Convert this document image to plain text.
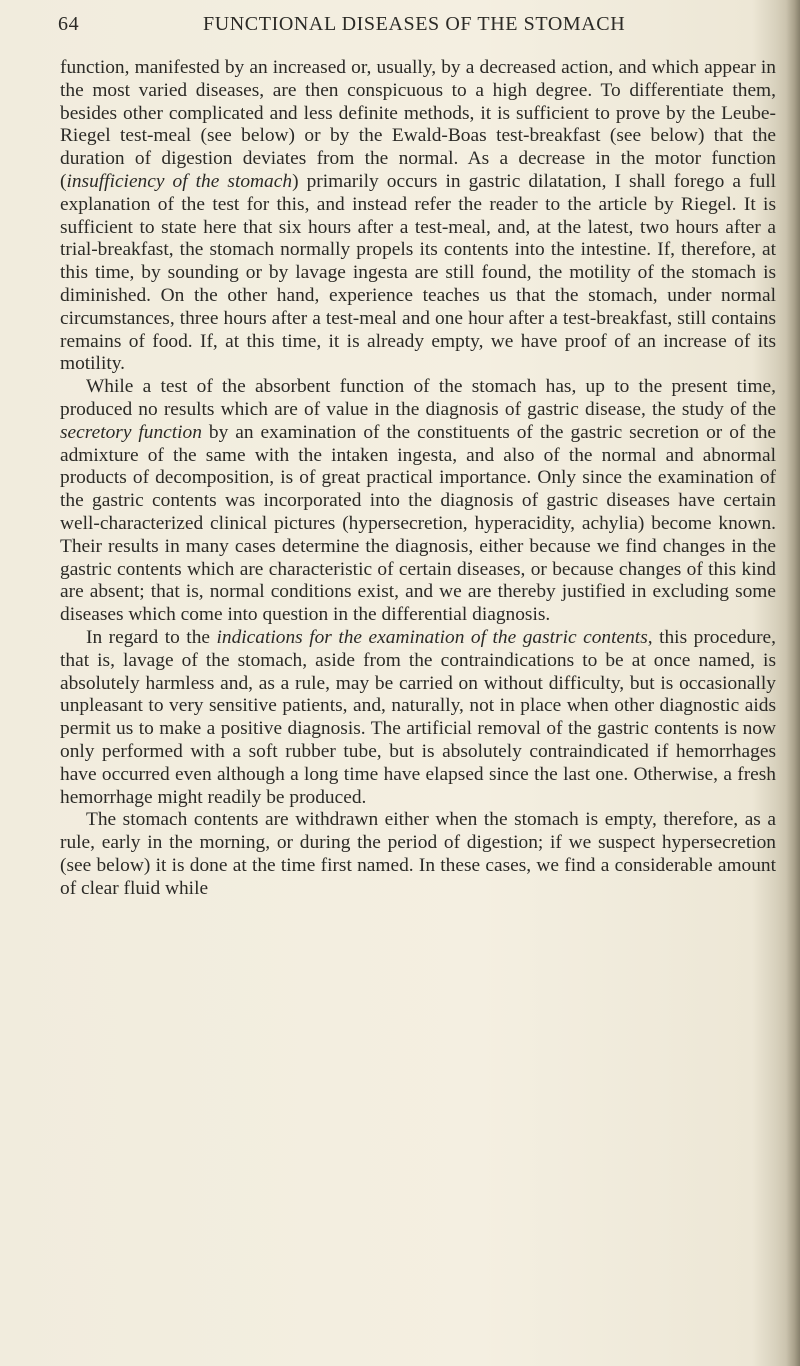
64	FUNCTIONAL DISEASES OF THE STOMACH

function, manifested by an increased or, usually, by a decreased action, and which appear in the most varied diseases, are then conspicuous to a high degree. To differentiate them, besides other complicated and less definite methods, it is sufficient to prove by the Leube-Riegel test-meal (see below) or by the Ewald-Boas test-breakfast (see below) that the duration of digestion deviates from the normal. As a decrease in the motor function (insufficiency of the stomach) primarily occurs in gastric dilatation, I shall forego a full explanation of the test for this, and instead refer the reader to the article by Riegel. It is sufficient to state here that six hours after a test-meal, and, at the latest, two hours after a trial-breakfast, the stomach normally propels its contents into the intestine. If, therefore, at this time, by sounding or by lavage ingesta are still found, the motility of the stomach is diminished. On the other hand, experience teaches us that the stomach, under normal circumstances, three hours after a test-meal and one hour after a test-breakfast, still contains remains of food. If, at this time, it is already empty, we have proof of an increase of its motility.

While a test of the absorbent function of the stomach has, up to the present time, produced no results which are of value in the diagnosis of gastric disease, the study of the secretory function by an examination of the constituents of the gastric secretion or of the admixture of the same with the intaken ingesta, and also of the normal and abnormal products of decomposition, is of great practical importance. Only since the examination of the gastric contents was incorporated into the diagnosis of gastric diseases have certain well-characterized clinical pictures (hypersecretion, hyperacidity, achylia) become known. Their results in many cases determine the diagnosis, either because we find changes in the gastric contents which are characteristic of certain diseases, or because changes of this kind are absent; that is, normal conditions exist, and we are thereby justified in excluding some diseases which come into question in the differential diagnosis.

In regard to the indications for the examination of the gastric contents, this procedure, that is, lavage of the stomach, aside from the contraindications to be at once named, is absolutely harmless and, as a rule, may be carried on without difficulty, but is occasionally unpleasant to very sensitive patients, and, naturally, not in place when other diagnostic aids permit us to make a positive diagnosis. The artificial removal of the gastric contents is now only performed with a soft rubber tube, but is absolutely contraindicated if hemorrhages have occurred even although a long time have elapsed since the last one. Otherwise, a fresh hemorrhage might readily be produced.

The stomach contents are withdrawn either when the stomach is empty, therefore, as a rule, early in the morning, or during the period of digestion; if we suspect hypersecretion (see below) it is done at the time first named. In these cases, we find a considerable amount of clear fluid while
